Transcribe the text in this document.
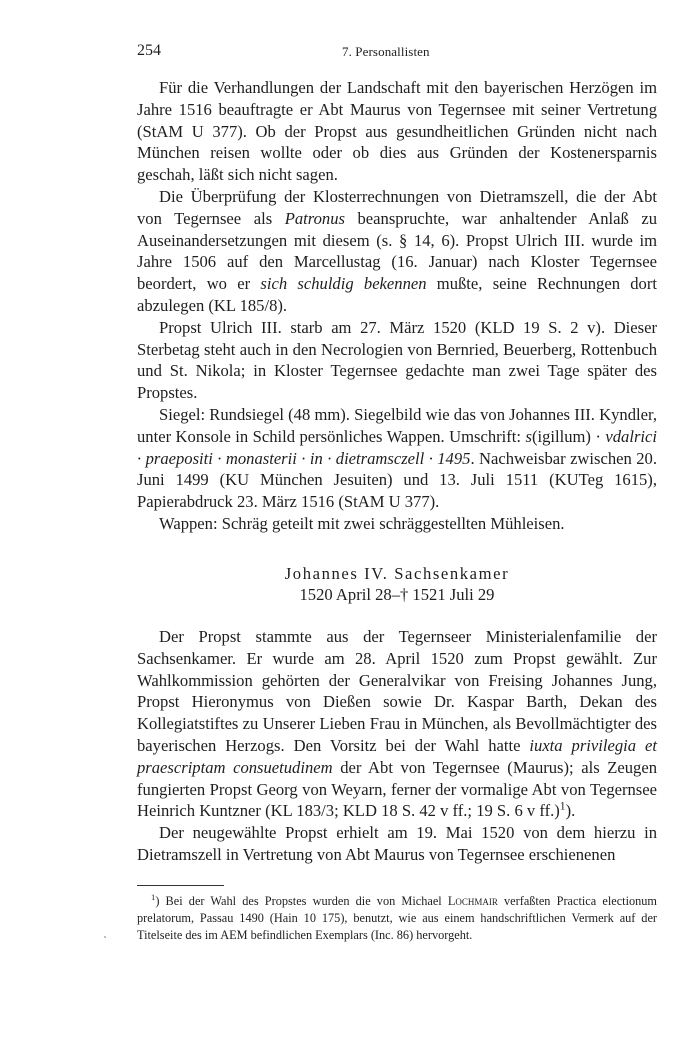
254	7. Personallisten

Für die Verhandlungen der Landschaft mit den bayerischen Herzögen im Jahre 1516 beauftragte er Abt Maurus von Tegernsee mit seiner Vertretung (StAM U 377). Ob der Propst aus gesundheitlichen Gründen nicht nach München reisen wollte oder ob dies aus Gründen der Kostenersparnis geschah, läßt sich nicht sagen.

Die Überprüfung der Klosterrechnungen von Dietramszell, die der Abt von Tegernsee als Patronus beanspruchte, war anhaltender Anlaß zu Auseinandersetzungen mit diesem (s. § 14, 6). Propst Ulrich III. wurde im Jahre 1506 auf den Marcellustag (16. Januar) nach Kloster Tegernsee beordert, wo er sich schuldig bekennen mußte, seine Rechnungen dort abzulegen (KL 185/8).

Propst Ulrich III. starb am 27. März 1520 (KLD 19 S. 2 v). Dieser Sterbetag steht auch in den Necrologien von Bernried, Beuerberg, Rottenbuch und St. Nikola; in Kloster Tegernsee gedachte man zwei Tage später des Propstes.

Siegel: Rundsiegel (48 mm). Siegelbild wie das von Johannes III. Kyndler, unter Konsole in Schild persönliches Wappen. Umschrift: s(igillum) · vdalrici · praepositi · monasterii · in · dietramsczell · 1495. Nachweisbar zwischen 20. Juni 1499 (KU München Jesuiten) und 13. Juli 1511 (KUTeg 1615), Papierabdruck 23. März 1516 (StAM U 377).

Wappen: Schräg geteilt mit zwei schräggestellten Mühleisen.

Johannes IV. Sachsenkamer
1520 April 28–† 1521 Juli 29

Der Propst stammte aus der Tegernseer Ministerialenfamilie der Sachsenkamer. Er wurde am 28. April 1520 zum Propst gewählt. Zur Wahlkommission gehörten der Generalvikar von Freising Johannes Jung, Propst Hieronymus von Dießen sowie Dr. Kaspar Barth, Dekan des Kollegiatstiftes zu Unserer Lieben Frau in München, als Bevollmächtigter des bayerischen Herzogs. Den Vorsitz bei der Wahl hatte iuxta privilegia et praescriptam consuetudinem der Abt von Tegernsee (Maurus); als Zeugen fungierten Propst Georg von Weyarn, ferner der vormalige Abt von Tegernsee Heinrich Kuntzner (KL 183/3; KLD 18 S. 42 v ff.; 19 S. 6 v ff.)$^1$).

Der neugewählte Propst erhielt am 19. Mai 1520 von dem hierzu in Dietramszell in Vertretung von Abt Maurus von Tegernsee erschienenen

$^1$) Bei der Wahl des Propstes wurden die von Michael Lochmair verfaßten Practica electionum prelatorum, Passau 1490 (Hain 10 175), benutzt, wie aus einem handschriftlichen Vermerk auf der Titelseite des im AEM befindlichen Exemplars (Inc. 86) hervorgeht.
